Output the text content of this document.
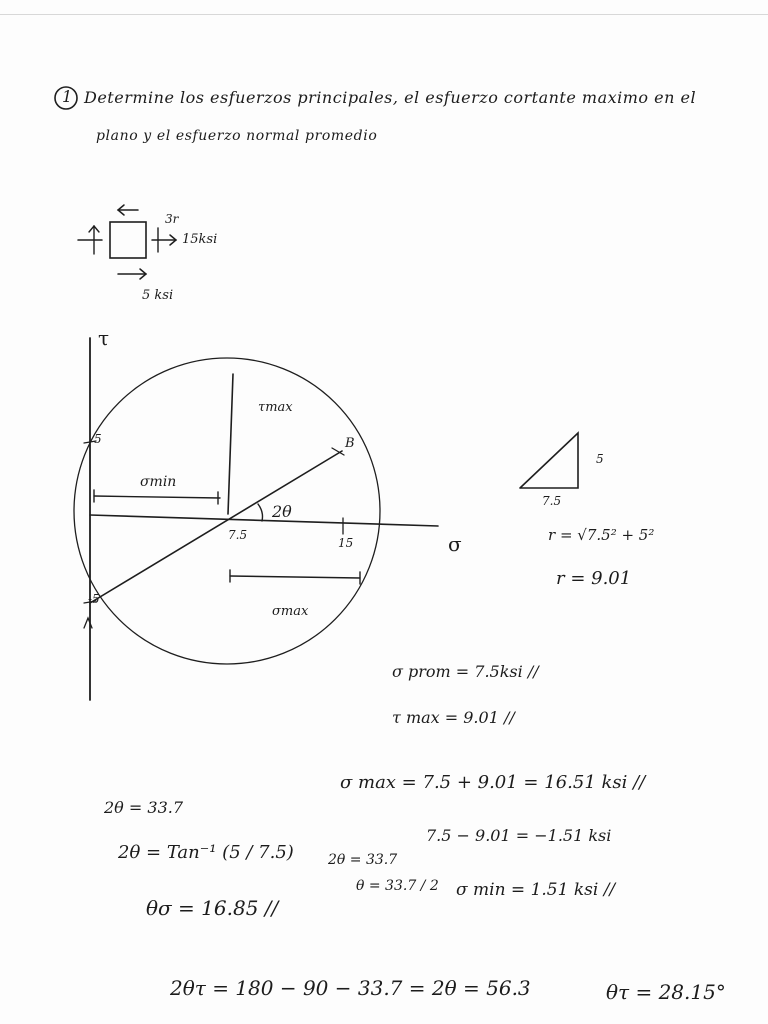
1 Determine los esfuerzos principales, el esfuerzo cortante maximo en el
plano y el esfuerzo normal promedio
3r
15ksi
5 ksi
τ
σ
τmax
σmin
σmax
B
2θ
7.5
15
5
-5
5
7.5
r = √7.5² + 5²
r = 9.01
σ prom = 7.5ksi //
τ max = 9.01 //
σ max = 7.5 + 9.01 = 16.51 ksi //
2θ = 33.7
7.5 − 9.01 = −1.51 ksi
2θ = Tan⁻¹ (5 / 7.5) 2θ = 33.7
θ = 33.7 / 2 σ min = 1.51 ksi //
θσ = 16.85 //
2θτ = 180 − 90 − 33.7 = 2θ = 56.3	θτ = 28.15°
